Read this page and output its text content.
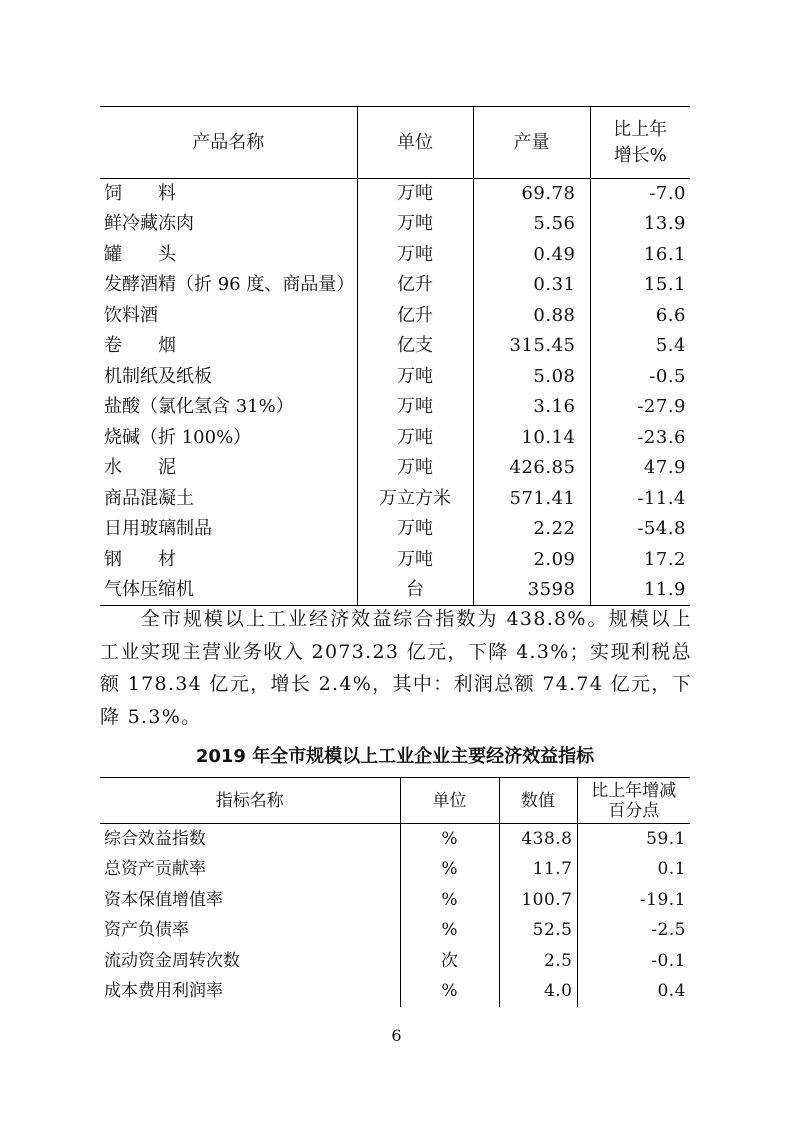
产品名称	单位	产量	比上年
增长%

饲　　料	万吨	69.78	-7.0
鲜冷藏冻肉	万吨	5.56	13.9
罐　　头	万吨	0.49	16.1
发酵酒精（折 96 度、商品量）	亿升	0.31	15.1
饮料酒	亿升	0.88	6.6
卷　　烟	亿支	315.45	5.4
机制纸及纸板	万吨	5.08	-0.5
盐酸（氯化氢含 31%）	万吨	3.16	-27.9
烧碱（折 100%）	万吨	10.14	-23.6
水　　泥	万吨	426.85	47.9
商品混凝土	万立方米	571.41	-11.4
日用玻璃制品	万吨	2.22	-54.8
钢　　材	万吨	2.09	17.2
气体压缩机	台	3598	11.9

全市规模以上工业经济效益综合指数为 438.8%。规模以上工业实现主营业务收入 2073.23 亿元，下降 4.3%；实现利税总额 178.34 亿元，增长 2.4%，其中：利润总额 74.74 亿元，下降 5.3%。

2019 年全市规模以上工业企业主要经济效益指标
指标名称	单位	数值	比上年增减
百分点

综合效益指数	%	438.8	59.1
总资产贡献率	%	11.7	0.1
资本保值增值率	%	100.7	-19.1
资产负债率	%	52.5	-2.5
流动资金周转次数	次	2.5	-0.1
成本费用利润率	%	4.0	0.4
6
